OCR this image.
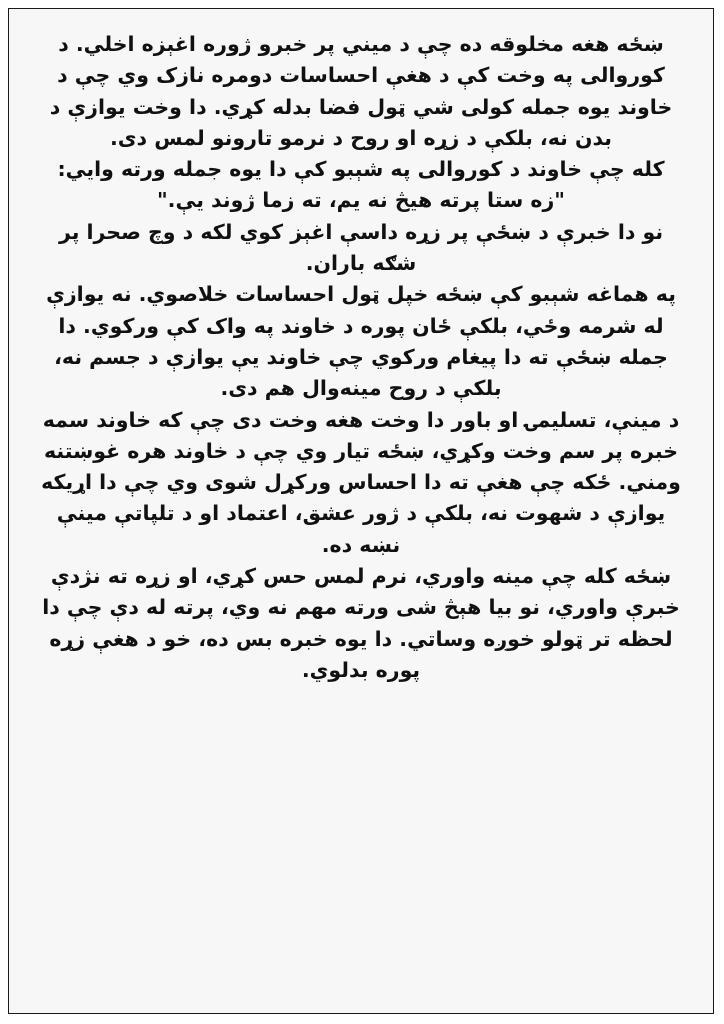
ښځه هغه مخلوقه ده چې د میني پر خبرو ژوره اغېزه اخلي. د کوروالی په وخت کې د هغې احساسات دومره نازک وي چې د خاوند یوه جمله کولی شي ټول فضا بدله کړي. دا وخت یوازې د بدن نه، بلکې د زړه او روح د نرمو تارونو لمس دی.

کله چې خاوند د کوروالی په شېبو کې دا یوه جمله ورته وایي:

"زه ستا پرته هیڅ نه یم، ته زما ژوند یې."

نو دا خبرې د ښځې پر زړه داسې اغېز کوي لکه د وچ صحرا پر شګه باران.

په هماغه شېبو کې ښځه خپل ټول احساسات خلاصوي. نه یوازې له شرمه وځي، بلکې ځان پوره د خاوند په واک کې ورکوي. دا جمله ښځې ته دا پیغام ورکوي چې خاوند یې یوازې د جسم نه، بلکې د روح مینه‌وال هم دی.

د مینې، تسلیمۍ او باور دا وخت هغه وخت دی چې که خاوند سمه خبره پر سم وخت وکړي، ښځه تیار وي چې د خاوند هره غوښتنه ومني. ځکه چې هغې ته دا احساس ورکړل شوی وي چې دا اړیکه یوازې د شهوت نه، بلکې د ژور عشق، اعتماد او د تلپاتې مینې نښه ده.

ښځه کله چې مینه واوري، نرم لمس حس کړي، او زړه ته نژدې خبرې واوري، نو بیا هېڅ شی ورته مهم نه وي، پرته له دې چې دا لحظه تر ټولو خوږه وساتي. دا یوه خبره بس ده، خو د هغې زړه پوره بدلوي.
